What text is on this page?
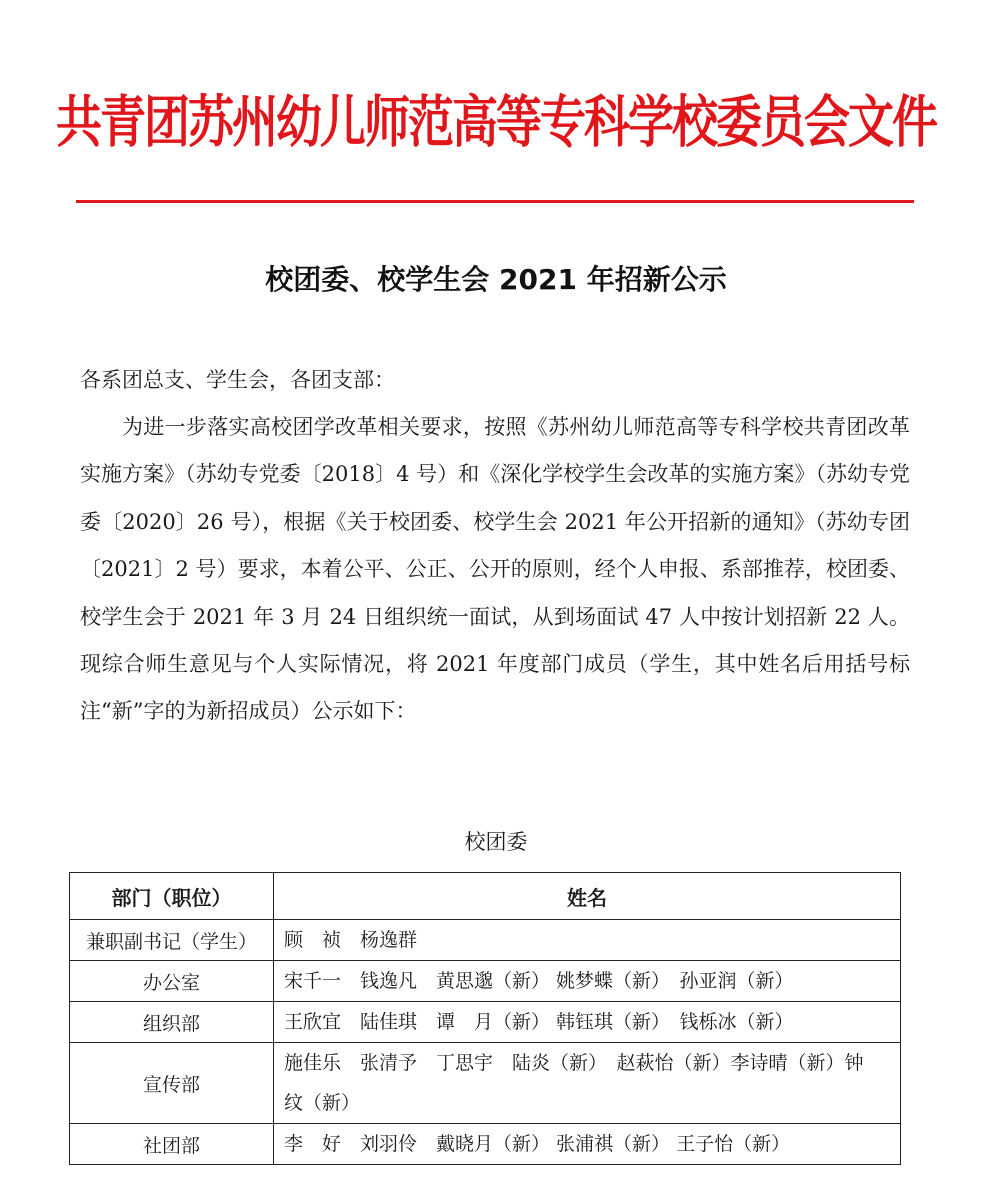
共青团苏州幼儿师范高等专科学校委员会文件
校团委、校学生会 2021 年招新公示
各系团总支、学生会，各团支部：
为进一步落实高校团学改革相关要求，按照《苏州幼儿师范高等专科学校共青团改革实施方案》（苏幼专党委〔2018〕4 号）和《深化学校学生会改革的实施方案》（苏幼专党委〔2020〕26 号），根据《关于校团委、校学生会 2021 年公开招新的通知》（苏幼专团〔2021〕2 号）要求，本着公平、公正、公开的原则，经个人申报、系部推荐，校团委、校学生会于 2021 年 3 月 24 日组织统一面试，从到场面试 47 人中按计划招新 22 人。现综合师生意见与个人实际情况，将 2021 年度部门成员（学生，其中姓名后用括号标注“新”字的为新招成员）公示如下：
校团委
部门（职位）	姓名
兼职副书记（学生）	顾　祯　杨逸群
办公室	宋千一　钱逸凡　黄思邈（新） 姚梦蝶（新）　孙亚润（新）
组织部	王欣宜　陆佳琪　谭　月（新） 韩钰琪（新）　钱栎冰（新）
宣传部	施佳乐　张清予　丁思宇　陆炎（新）　赵萩怡（新）李诗晴（新）钟　纹（新）
社团部	李　好　刘羽伶　戴晓月（新） 张浦祺（新） 王子怡（新）
